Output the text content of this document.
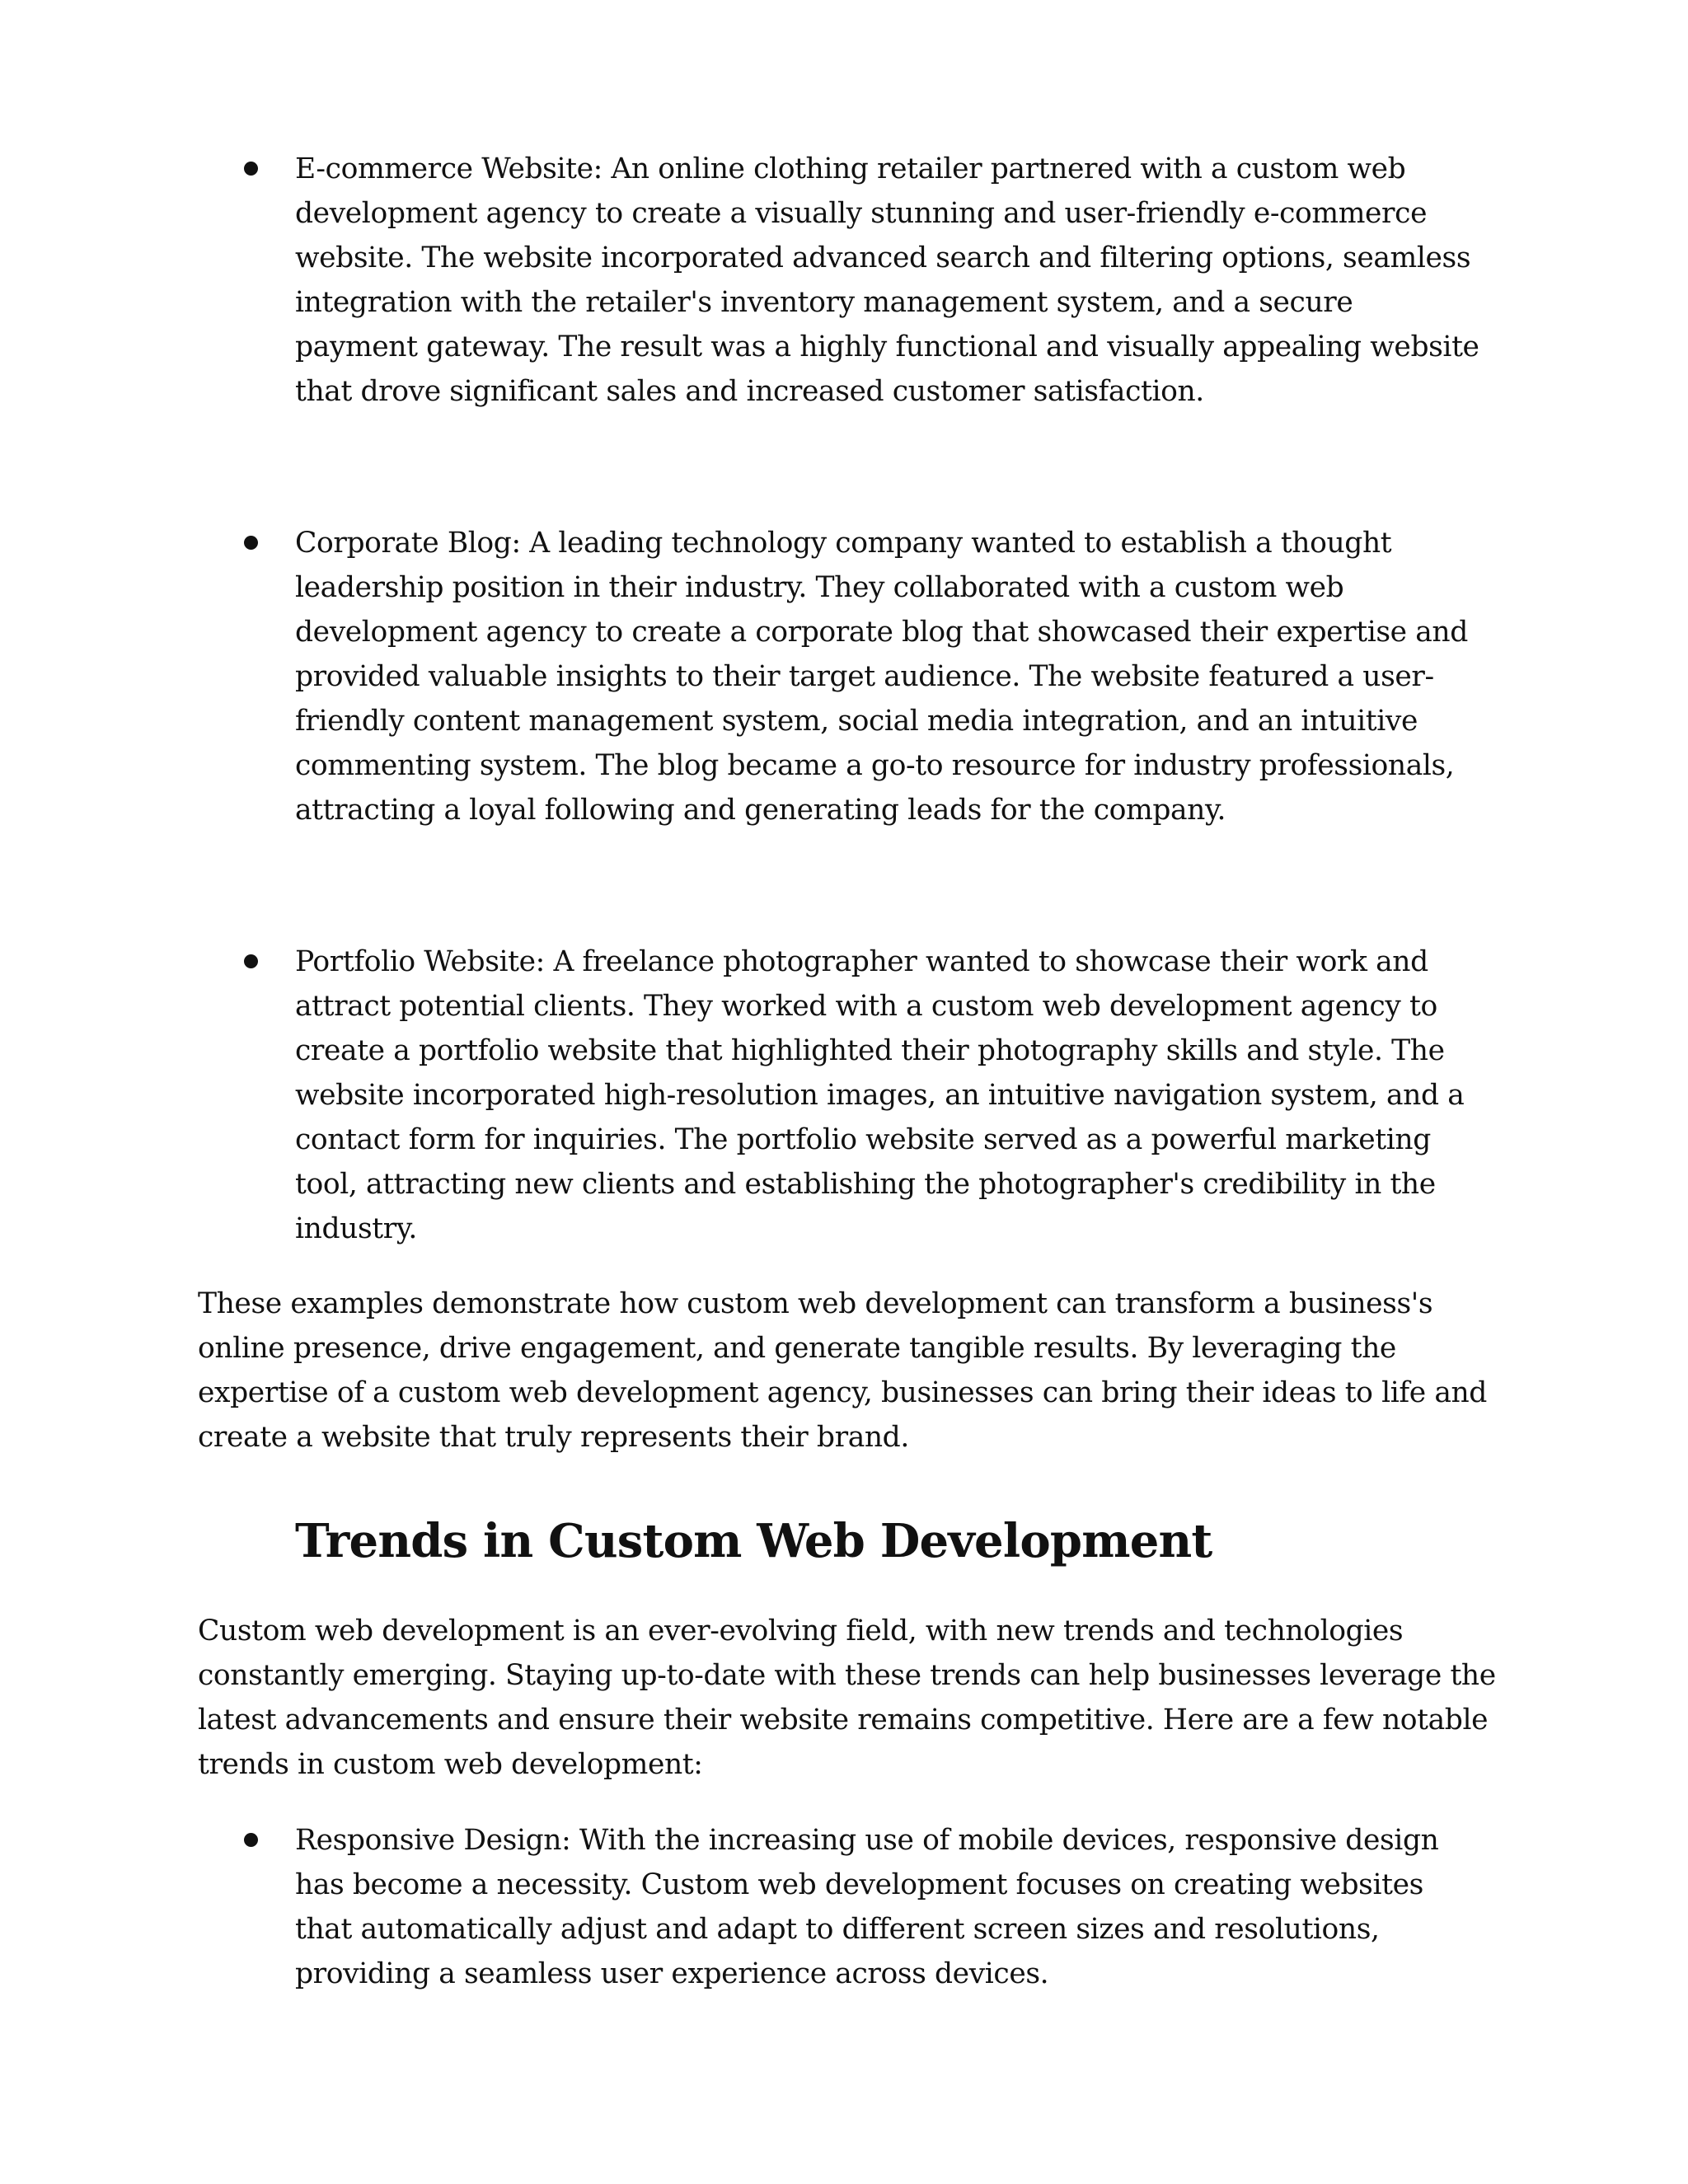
E-commerce Website: An online clothing retailer partnered with a custom web development agency to create a visually stunning and user-friendly e-commerce website. The website incorporated advanced search and filtering options, seamless integration with the retailer's inventory management system, and a secure payment gateway. The result was a highly functional and visually appealing website that drove significant sales and increased customer satisfaction.
Corporate Blog: A leading technology company wanted to establish a thought leadership position in their industry. They collaborated with a custom web development agency to create a corporate blog that showcased their expertise and provided valuable insights to their target audience. The website featured a user-friendly content management system, social media integration, and an intuitive commenting system. The blog became a go-to resource for industry professionals, attracting a loyal following and generating leads for the company.
Portfolio Website: A freelance photographer wanted to showcase their work and attract potential clients. They worked with a custom web development agency to create a portfolio website that highlighted their photography skills and style. The website incorporated high-resolution images, an intuitive navigation system, and a contact form for inquiries. The portfolio website served as a powerful marketing tool, attracting new clients and establishing the photographer's credibility in the industry.

These examples demonstrate how custom web development can transform a business's online presence, drive engagement, and generate tangible results. By leveraging the expertise of a custom web development agency, businesses can bring their ideas to life and create a website that truly represents their brand.

Trends in Custom Web Development

Custom web development is an ever-evolving field, with new trends and technologies constantly emerging. Staying up-to-date with these trends can help businesses leverage the latest advancements and ensure their website remains competitive. Here are a few notable trends in custom web development:

Responsive Design: With the increasing use of mobile devices, responsive design has become a necessity. Custom web development focuses on creating websites that automatically adjust and adapt to different screen sizes and resolutions, providing a seamless user experience across devices.
